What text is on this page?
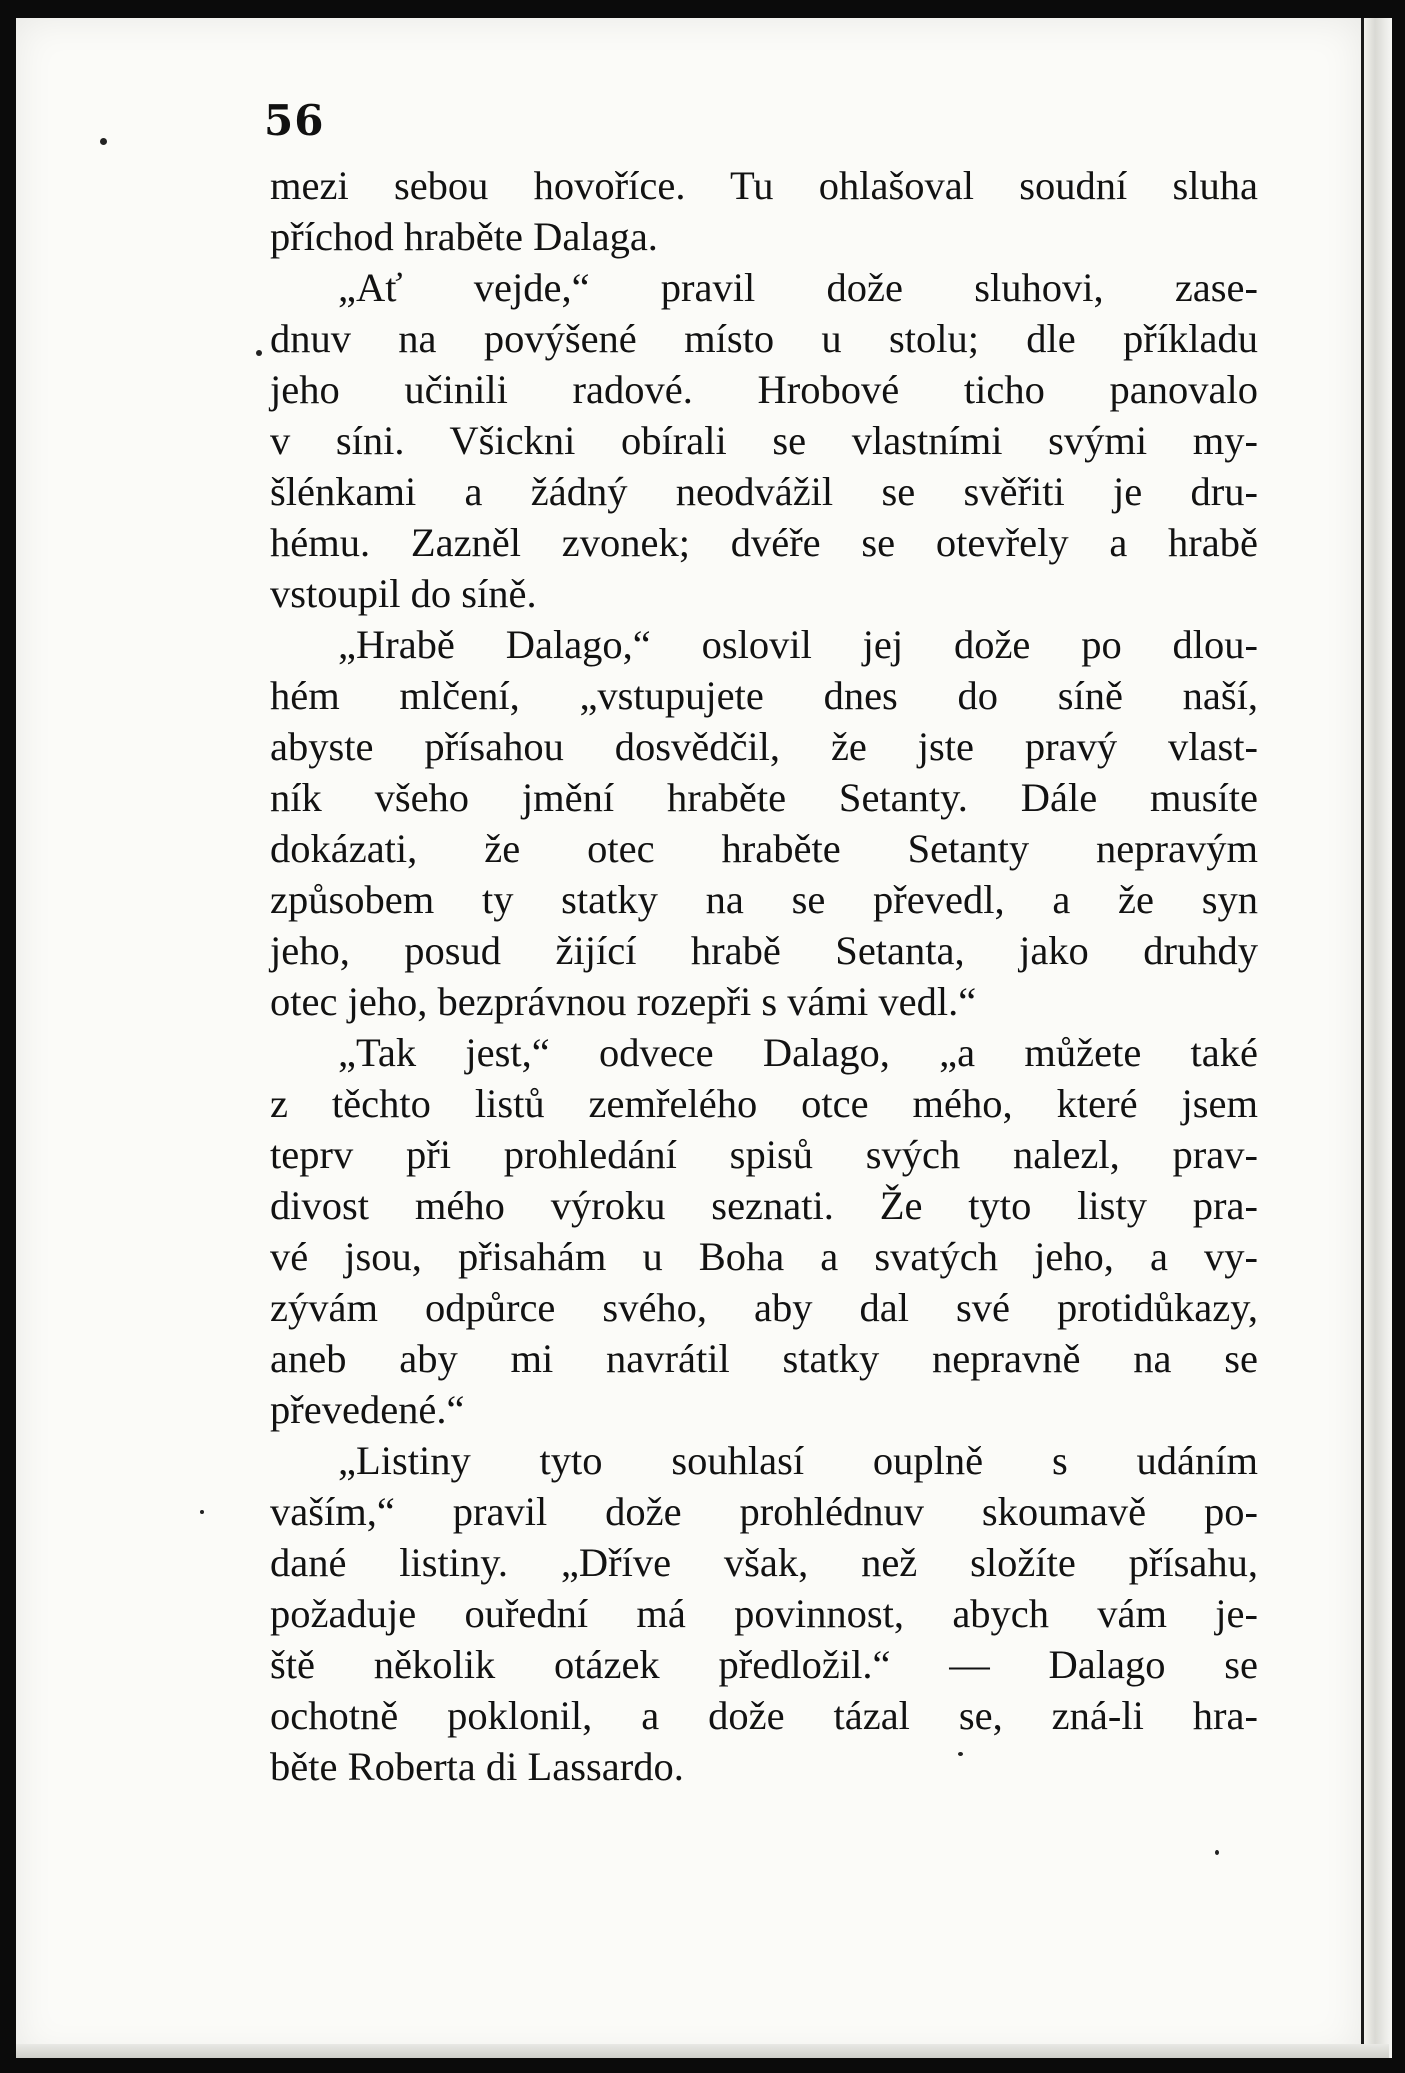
56

mezi sebou hovoříce. Tu ohlašoval soudní sluha

příchod hraběte Dalaga.

„Ať vejde,“ pravil dože sluhovi, zase-

dnuv na povýšené místo u stolu; dle příkladu

jeho učinili radové. Hrobové ticho panovalo

v síni. Všickni obírali se vlastními svými my-

šlénkami a žádný neodvážil se svěřiti je dru-

hému. Zazněl zvonek; dvéře se otevřely a hrabě

vstoupil do síně.

„Hrabě Dalago,“ oslovil jej dože po dlou-

hém mlčení, „vstupujete dnes do síně naší,

abyste přísahou dosvědčil, že jste pravý vlast-

ník všeho jmění hraběte Setanty. Dále musíte

dokázati, že otec hraběte Setanty nepravým

způsobem ty statky na se převedl, a že syn

jeho, posud žijící hrabě Setanta, jako druhdy

otec jeho, bezprávnou rozepři s vámi vedl.“

„Tak jest,“ odvece Dalago, „a můžete také

z těchto listů zemřelého otce mého, které jsem

teprv při prohledání spisů svých nalezl, prav-

divost mého výroku seznati. Že tyto listy pra-

vé jsou, přisahám u Boha a svatých jeho, a vy-

zývám odpůrce svého, aby dal své protidůkazy,

aneb aby mi navrátil statky nepravně na se

převedené.“

„Listiny tyto souhlasí ouplně s udáním

vaším,“ pravil dože prohlédnuv skoumavě po-

dané listiny. „Dříve však, než složíte přísahu,

požaduje ouřední má povinnost, abych vám je-

ště několik otázek předložil.“ — Dalago se

ochotně poklonil, a dože tázal se, zná-li hra-

běte Roberta di Lassardo.
